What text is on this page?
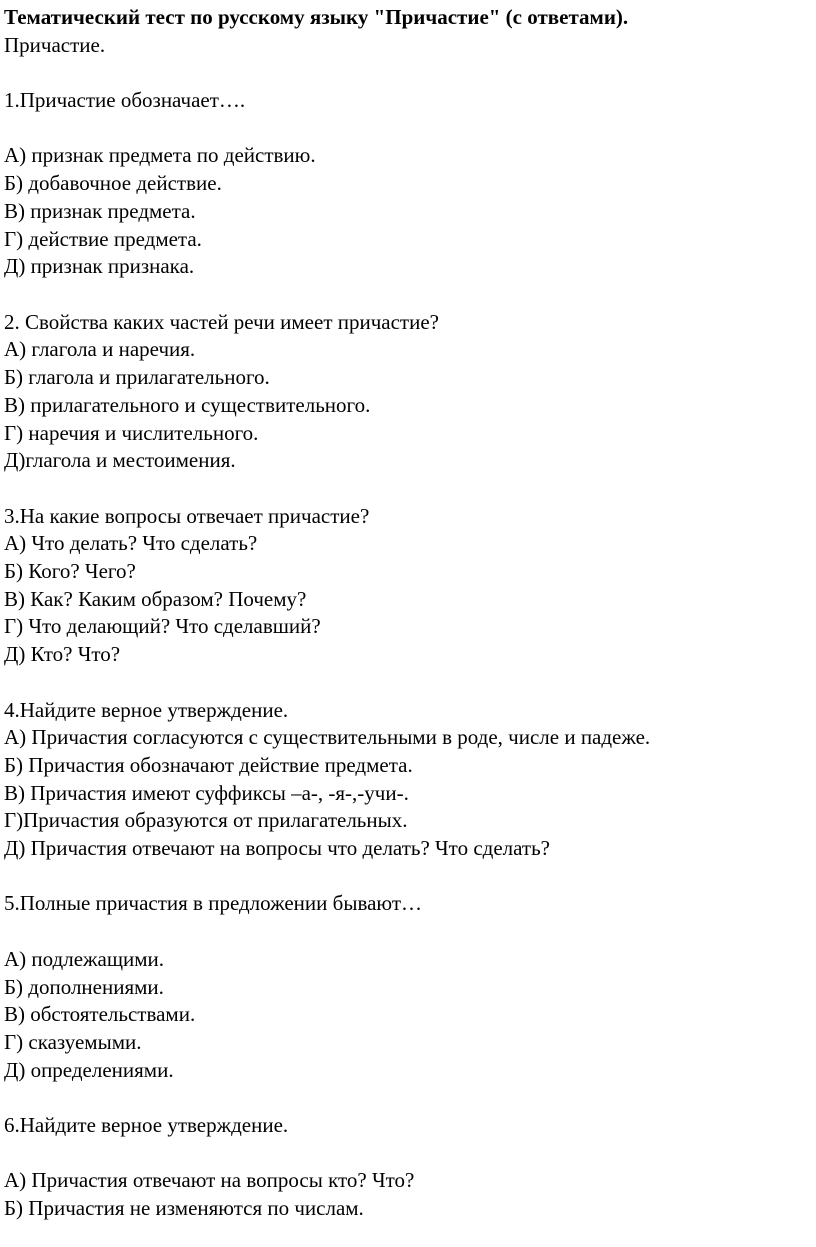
Тематический тест по русскому языку "Причастие" (с ответами).
Причастие.
1.Причастие обозначает….
А) признак предмета по действию.
Б) добавочное действие.
В) признак предмета.
Г) действие предмета.
Д) признак признака.
2. Свойства каких частей речи имеет причастие?
А) глагола и наречия.
Б) глагола и прилагательного.
В) прилагательного и существительного.
Г) наречия и числительного.
Д)глагола и местоимения.
3.На какие вопросы отвечает причастие?
А) Что делать? Что сделать?
Б) Кого? Чего?
В) Как? Каким образом? Почему?
Г) Что делающий? Что сделавший?
Д) Кто? Что?
4.Найдите верное утверждение.
А) Причастия согласуются с существительными в роде, числе и падеже.
Б) Причастия обозначают действие предмета.
В) Причастия имеют суффиксы –а-, -я-,-учи-.
Г)Причастия образуются от прилагательных.
Д) Причастия отвечают на вопросы что делать? Что сделать?
5.Полные причастия в предложении бывают…
А) подлежащими.
Б) дополнениями.
В) обстоятельствами.
Г) сказуемыми.
Д) определениями.
6.Найдите верное утверждение.
А) Причастия отвечают на вопросы кто? Что?
Б) Причастия не изменяются по числам.
